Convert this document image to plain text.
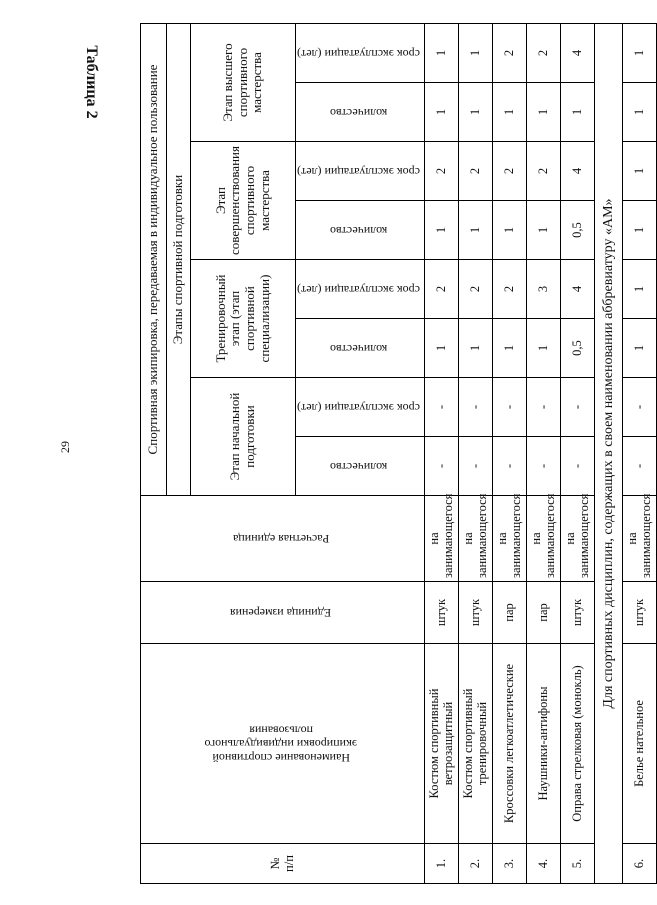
29
Таблица 2
№
п/п	Наименование спортивной экипировки индивидуального пользования	Единица измерения	Расчетная единица	Спортивная экипировка, передаваемая в индивидуальное пользование							
				Этапы спортивной подготовки							
				Этап начальной подготовки		Тренировочный этап (этап спортивной специализации)		Этап совершенствования спортивного мастерства		Этап высшего спортивного мастерства	
				количество	срок эксплуатации (лет)	количество	срок эксплуатации (лет)	количество	срок эксплуатации (лет)	количество	срок эксплуатации (лет)
1.	Костюм спортивный ветрозащитный	штук	на занимающегося	-	-	1	2	1	2	1	1
2.	Костюм спортивный тренировочный	штук	на занимающегося	-	-	1	2	1	2	1	1
3.	Кроссовки легкоатлетические	пар	на занимающегося	-	-	1	2	1	2	1	2
4.	Наушники-антифоны	пар	на занимающегося	-	-	1	3	1	2	1	2
5.	Оправа стрелковая (монокль)	штук	на занимающегося	-	-	0,5	4	0,5	4	1	4
Для спортивных дисциплин, содержащих в своем наименовании аббревиатуру «АМ»											
6.	Белье нательное	штук	на занимающегося	-	-	1	1	1	1	1	1
